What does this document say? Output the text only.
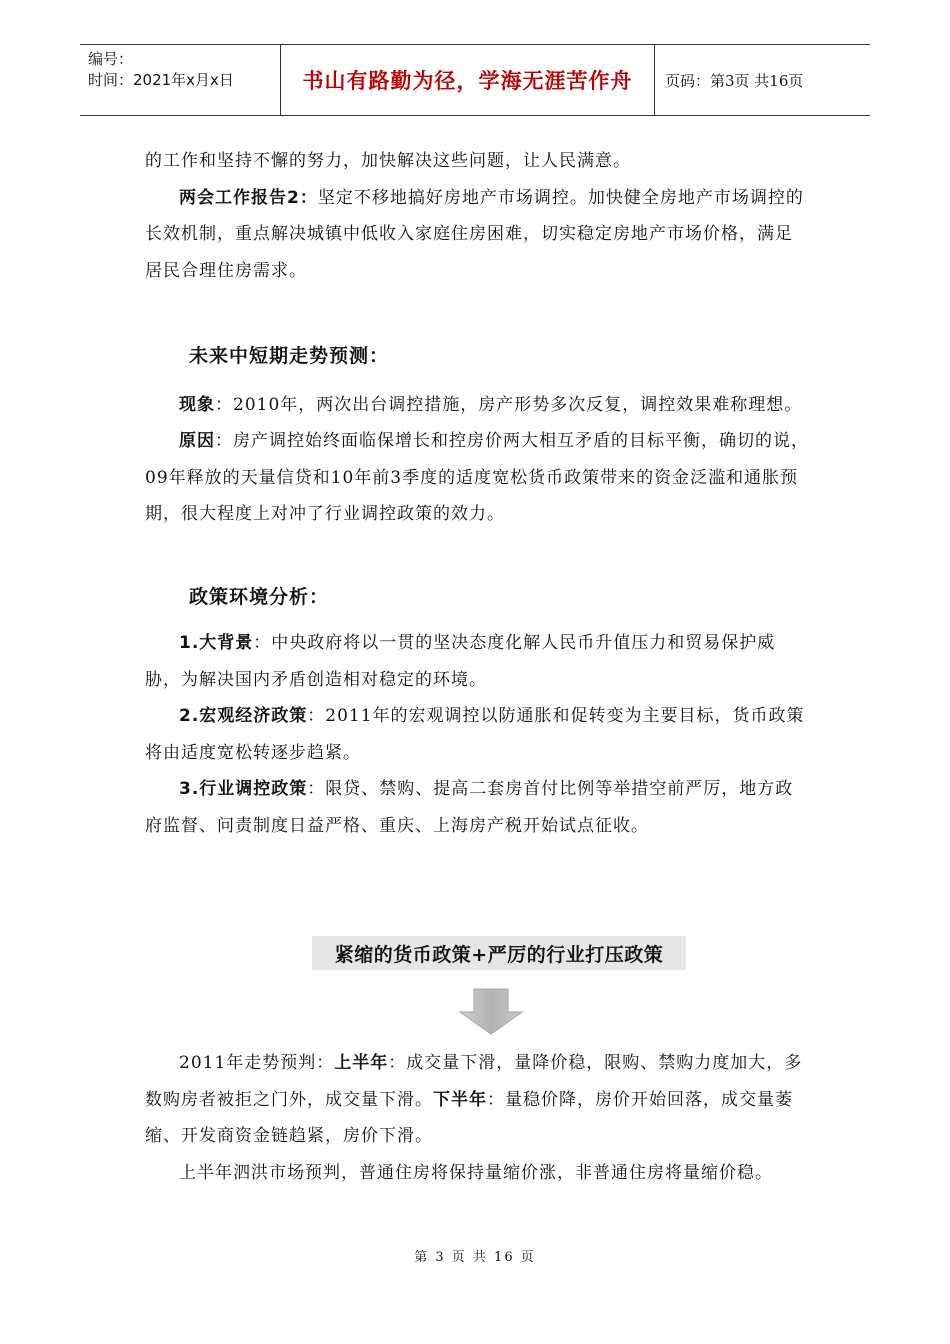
编号：
时间：2021年x月x日	书山有路勤为径，学海无涯苦作舟	页码：第3页 共16页

的工作和坚持不懈的努力，加快解决这些问题，让人民满意。

两会工作报告2：坚定不移地搞好房地产市场调控。加快健全房地产市场调控的长效机制，重点解决城镇中低收入家庭住房困难，切实稳定房地产市场价格，满足居民合理住房需求。

未来中短期走势预测：

现象：2010年，两次出台调控措施，房产形势多次反复，调控效果难称理想。

原因：房产调控始终面临保增长和控房价两大相互矛盾的目标平衡，确切的说，09年释放的天量信贷和10年前3季度的适度宽松货币政策带来的资金泛滥和通胀预期，很大程度上对冲了行业调控政策的效力。

政策环境分析：

1.大背景：中央政府将以一贯的坚决态度化解人民币升值压力和贸易保护威胁，为解决国内矛盾创造相对稳定的环境。

2.宏观经济政策：2011年的宏观调控以防通胀和促转变为主要目标，货币政策将由适度宽松转逐步趋紧。

3.行业调控政策：限贷、禁购、提高二套房首付比例等举措空前严厉，地方政府监督、问责制度日益严格、重庆、上海房产税开始试点征收。

紧缩的货币政策+严厉的行业打压政策

2011年走势预判：上半年：成交量下滑，量降价稳，限购、禁购力度加大，多数购房者被拒之门外，成交量下滑。下半年：量稳价降，房价开始回落，成交量萎缩、开发商资金链趋紧，房价下滑。

上半年泗洪市场预判，普通住房将保持量缩价涨，非普通住房将量缩价稳。

第 3 页 共 16 页
